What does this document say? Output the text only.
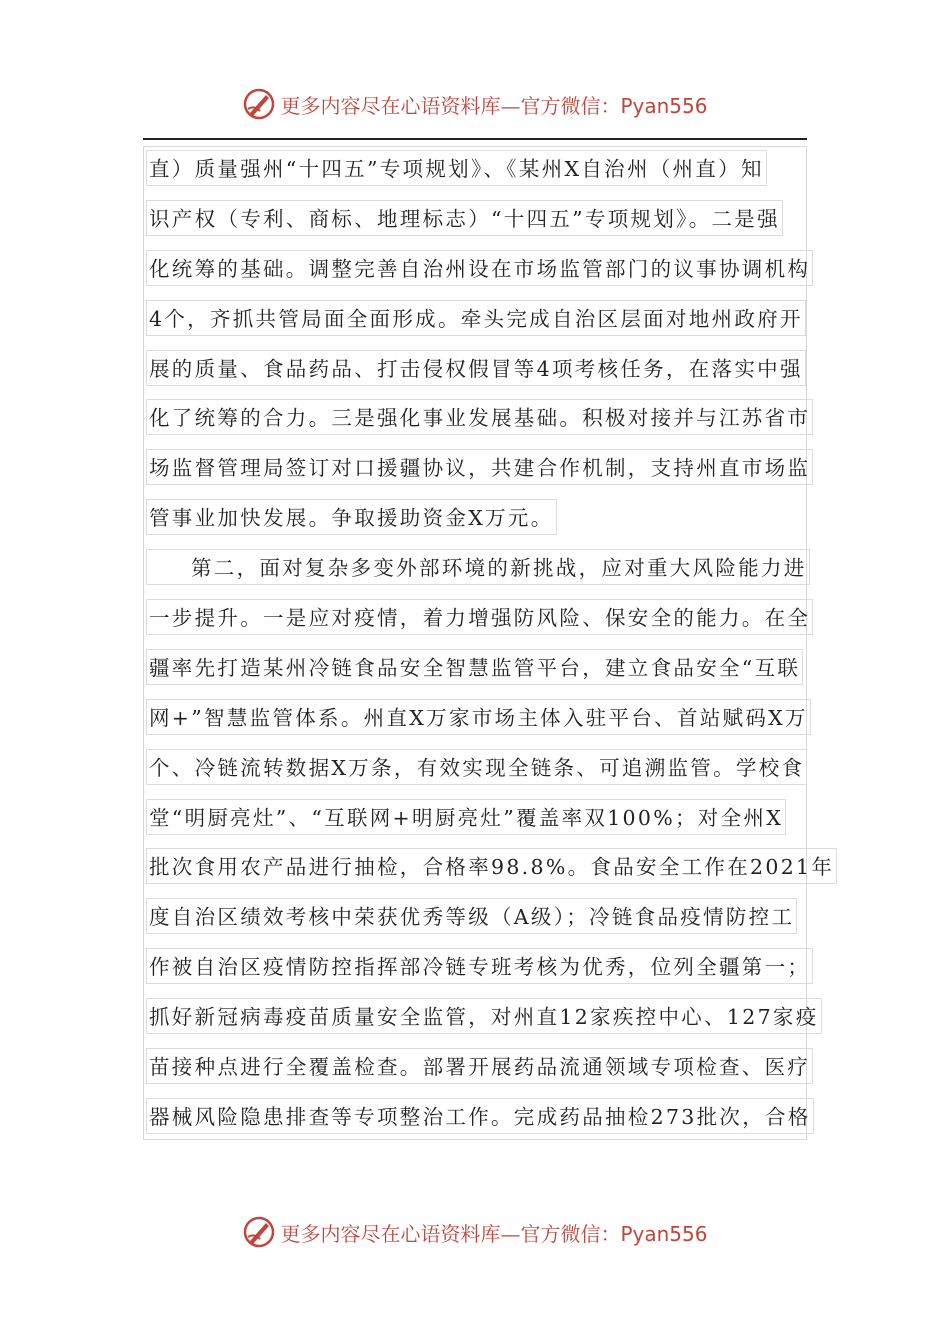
更多内容尽在心语资料库—官方微信：Pyan556
直）质量强州“十四五”专项规划》、《某州X自治州（州直）知
识产权（专利、商标、地理标志）“十四五”专项规划》。二是强
化统筹的基础。调整完善自治州设在市场监管部门的议事协调机构
4个，齐抓共管局面全面形成。牵头完成自治区层面对地州政府开
展的质量、食品药品、打击侵权假冒等4项考核任务，在落实中强
化了统筹的合力。三是强化事业发展基础。积极对接并与江苏省市
场监督管理局签订对口援疆协议，共建合作机制，支持州直市场监
管事业加快发展。争取援助资金X万元。
第二，面对复杂多变外部环境的新挑战，应对重大风险能力进
一步提升。一是应对疫情，着力增强防风险、保安全的能力。在全
疆率先打造某州冷链食品安全智慧监管平台，建立食品安全“互联
网+”智慧监管体系。州直X万家市场主体入驻平台、首站赋码X万
个、冷链流转数据X万条，有效实现全链条、可追溯监管。学校食
堂“明厨亮灶”、“互联网+明厨亮灶”覆盖率双100%；对全州X
批次食用农产品进行抽检，合格率98.8%。食品安全工作在2021年
度自治区绩效考核中荣获优秀等级（A级）；冷链食品疫情防控工
作被自治区疫情防控指挥部冷链专班考核为优秀，位列全疆第一；
抓好新冠病毒疫苗质量安全监管，对州直12家疾控中心、127家疫
苗接种点进行全覆盖检查。部署开展药品流通领域专项检查、医疗
器械风险隐患排查等专项整治工作。完成药品抽检273批次，合格
更多内容尽在心语资料库—官方微信：Pyan556
